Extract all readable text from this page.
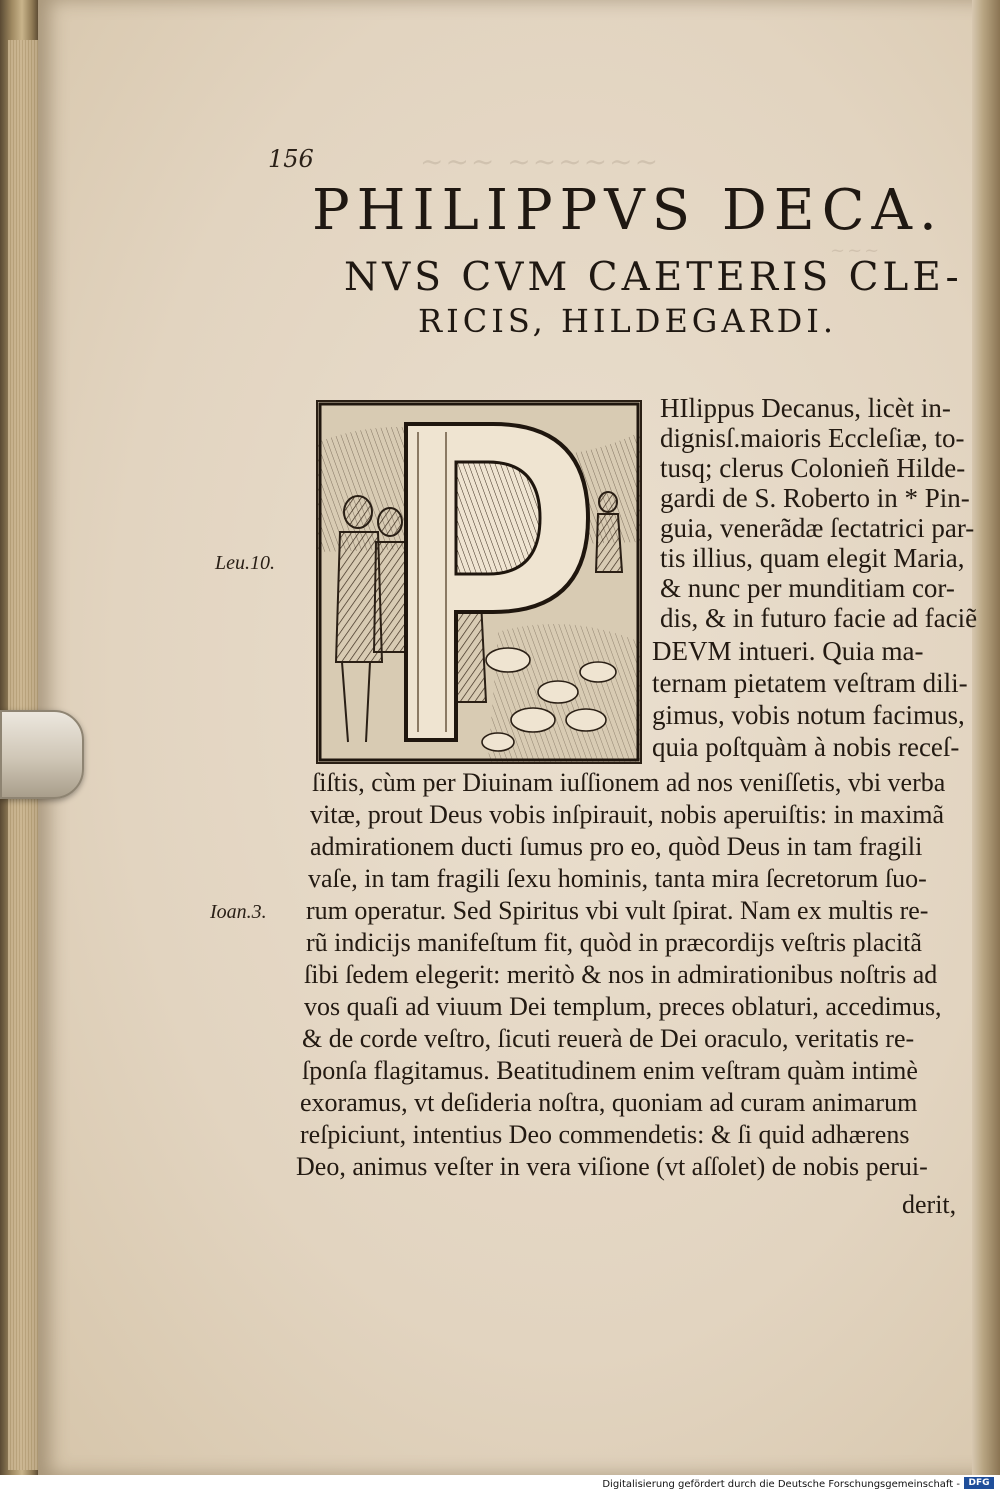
~~~ ~~~~~~
~~~
156
PHILIPPVS DECA.
NVS CVM CAETERIS CLE-
RICIS, HILDEGARDI.
Leu.10.
Ioan.3.
HIlippus Decanus, licèt in-
dignisſ.maioris Eccleſiæ, to-
tusq; clerus Colonieñ Hilde-
gardi de S. Roberto in * Pin-
guia, venerãdæ ſectatrici par-
tis illius, quam elegit Maria,
& nunc per munditiam cor-
dis, & in futuro facie ad faciẽ
DEVM intueri. Quia ma-
ternam pietatem veſtram dili-
gimus, vobis notum facimus,
quia poſtquàm à nobis receſ-
ſiſtis, cùm per Diuinam iuſſionem ad nos veniſſetis, vbi verba
vitæ, prout Deus vobis inſpirauit, nobis aperuiſtis: in maximã
admirationem ducti ſumus pro eo, quòd Deus in tam fragili
vaſe, in tam fragili ſexu hominis, tanta mira ſecretorum ſuo-
rum operatur. Sed Spiritus vbi vult ſpirat. Nam ex multis re-
rũ indicijs manifeſtum fit, quòd in præcordijs veſtris placitã
ſibi ſedem elegerit: meritò & nos in admirationibus noſtris ad
vos quaſi ad viuum Dei templum, preces oblaturi, accedimus,
& de corde veſtro, ſicuti reuerà de Dei oraculo, veritatis re-
ſponſa flagitamus. Beatitudinem enim veſtram quàm intimè
exoramus, vt deſideria noſtra, quoniam ad curam animarum
reſpiciunt, intentius Deo commendetis: & ſi quid adhærens
Deo, animus veſter in vera viſione (vt aſſolet) de nobis perui-
derit,
Digitalisierung gefördert durch die Deutsche Forschungsgemeinschaft - DFG
